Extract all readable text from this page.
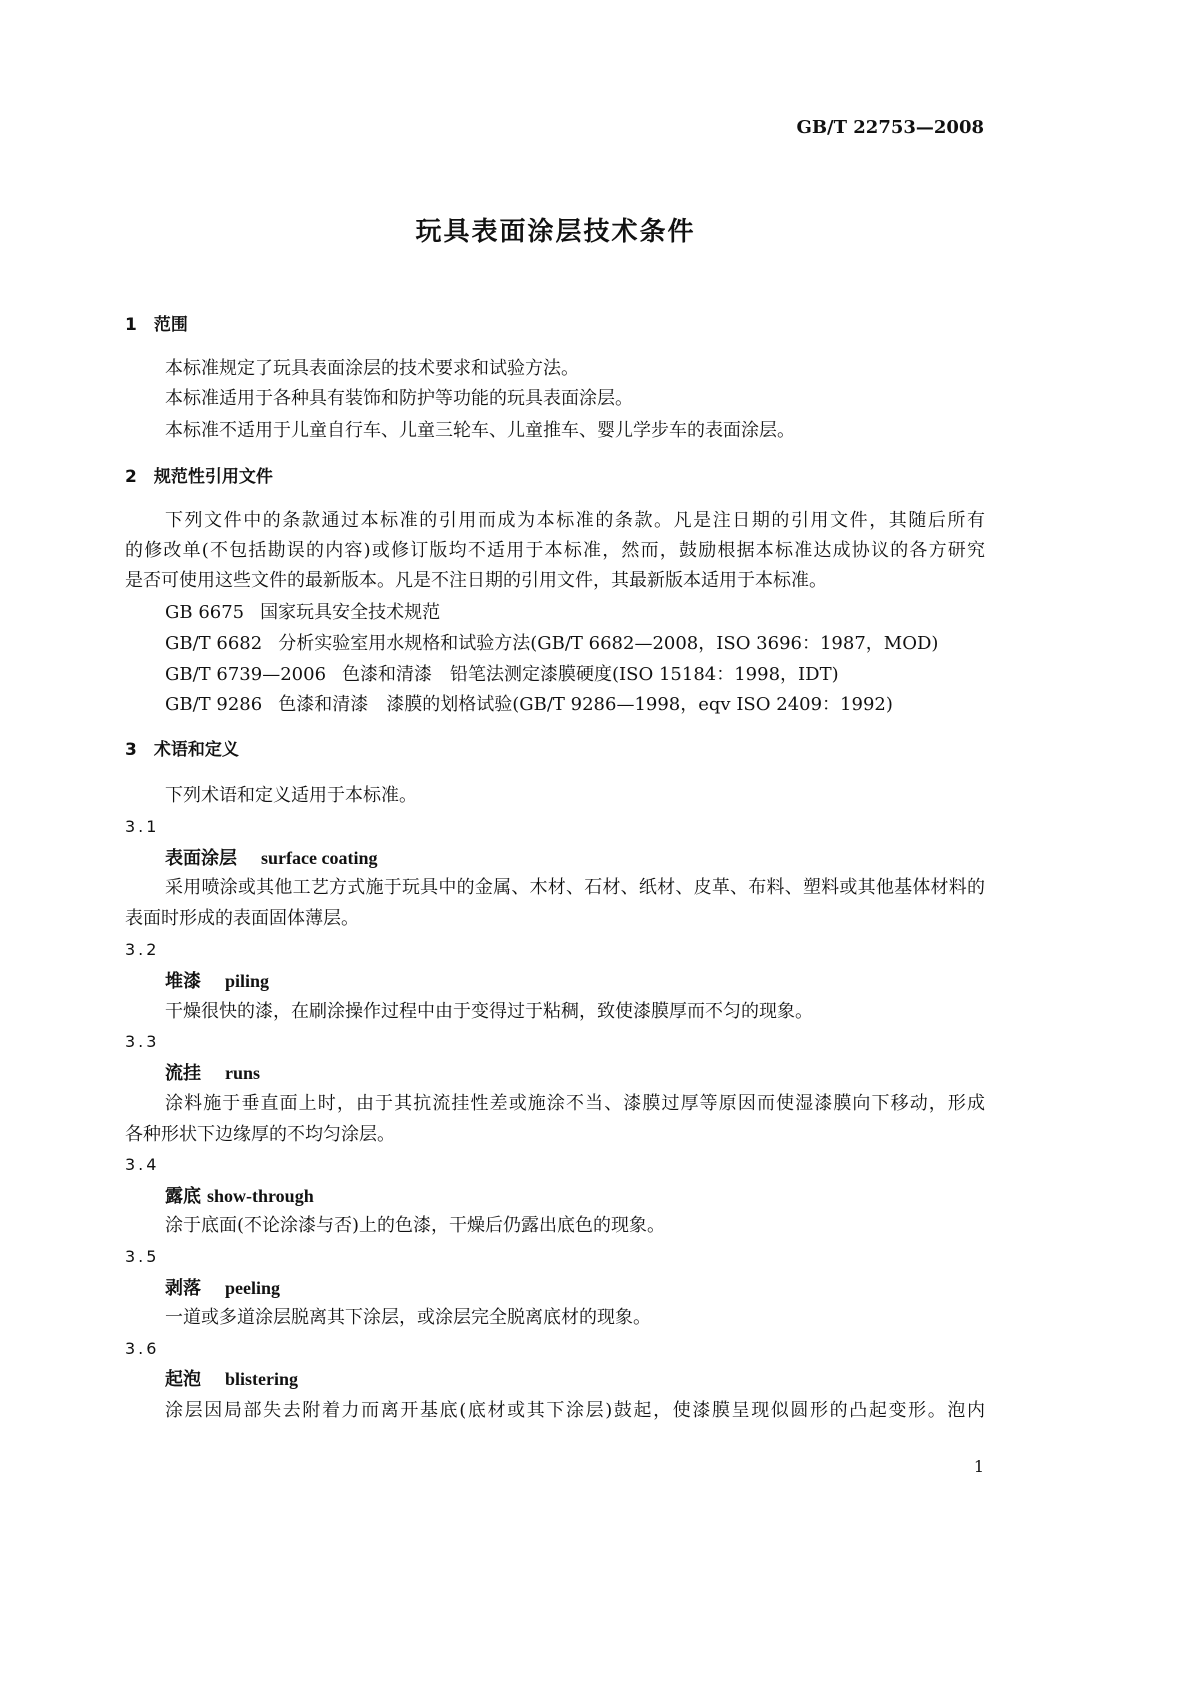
GB/T 22753—2008
玩具表面涂层技术条件
1　范围
本标准规定了玩具表面涂层的技术要求和试验方法。
本标准适用于各种具有装饰和防护等功能的玩具表面涂层。
本标准不适用于儿童自行车、儿童三轮车、儿童推车、婴儿学步车的表面涂层。
2　规范性引用文件
下列文件中的条款通过本标准的引用而成为本标准的条款。凡是注日期的引用文件，其随后所有
的修改单(不包括勘误的内容)或修订版均不适用于本标准，然而，鼓励根据本标准达成协议的各方研究
是否可使用这些文件的最新版本。凡是不注日期的引用文件，其最新版本适用于本标准。
GB 6675 国家玩具安全技术规范
GB/T 6682 分析实验室用水规格和试验方法(GB/T 6682—2008，ISO 3696：1987，MOD)
GB/T 6739—2006 色漆和清漆　铅笔法测定漆膜硬度(ISO 15184：1998，IDT)
GB/T 9286 色漆和清漆　漆膜的划格试验(GB/T 9286—1998，eqv ISO 2409：1992)
3　术语和定义
下列术语和定义适用于本标准。
3.1
表面涂层 surface coating
采用喷涂或其他工艺方式施于玩具中的金属、木材、石材、纸材、皮革、布料、塑料或其他基体材料的
表面时形成的表面固体薄层。
3.2
堆漆 piling
干燥很快的漆，在刷涂操作过程中由于变得过于粘稠，致使漆膜厚而不匀的现象。
3.3
流挂 runs
涂料施于垂直面上时，由于其抗流挂性差或施涂不当、漆膜过厚等原因而使湿漆膜向下移动，形成
各种形状下边缘厚的不均匀涂层。
3.4
露底 show-through
涂于底面(不论涂漆与否)上的色漆，干燥后仍露出底色的现象。
3.5
剥落 peeling
一道或多道涂层脱离其下涂层，或涂层完全脱离底材的现象。
3.6
起泡 blistering
涂层因局部失去附着力而离开基底(底材或其下涂层)鼓起，使漆膜呈现似圆形的凸起变形。泡内
1
